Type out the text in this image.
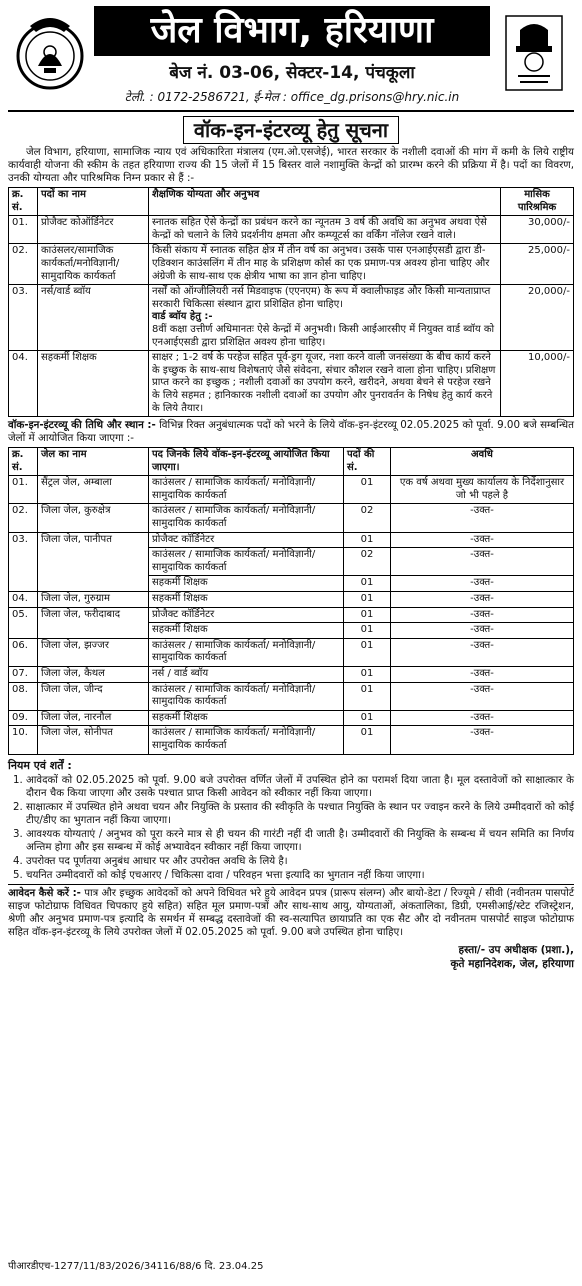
जेल विभाग, हरियाणा
बेज नं. 03-06, सेक्टर-14, पंचकूला
टेली. : 0172-2586721, ई-मेल : office_dg.prisons@hry.nic.in
वॉक-इन-इंटरव्यू हेतु सूचना

जेल विभाग, हरियाणा, सामाजिक न्याय एवं अधिकारिता मंत्रालय (एम.ओ.एसजेई), भारत सरकार के नशीली दवाओं की मांग में कमी के लिये राष्ट्रीय कार्यवाही योजना की स्कीम के तहत हरियाणा राज्य की 15 जेलों में 15 बिस्तर वाले नशामुक्ति केन्द्रों को प्रारम्भ करने की प्रक्रिया में है। पदों का विवरण, उनकी योग्यता और पारिश्रमिक निम्न प्रकार से हैं :-

क्र. सं.	पदों का नाम	शैक्षणिक योग्यता और अनुभव	मासिक पारिश्रमिक
01.	प्रोजैक्ट कोऑर्डिनेटर	स्नातक सहित ऐसे केन्द्रों का प्रबंधन करने का न्यूनतम 3 वर्ष की अवधि का अनुभव अथवा ऐसे केन्द्रों को चलाने के लिये प्रदर्शनीय क्षमता और कम्प्यूटर्स का वर्किंग नॉलेज रखने वाले।	30,000/-
02.	काउंसलर/सामाजिक कार्यकर्ता/मनोविज्ञानी/सामुदायिक कार्यकर्ता	किसी संकाय में स्नातक सहित क्षेत्र में तीन वर्ष का अनुभव। उसके पास एनआईएसडी द्वारा डी-एडिक्शन काउंसलिंग में तीन माह के प्रशिक्षण कोर्स का एक प्रमाण-पत्र अवश्य होना चाहिए और अंग्रेजी के साथ-साथ एक क्षेत्रीय भाषा का ज्ञान होना चाहिए।	25,000/-
03.	नर्स/वार्ड ब्वॉय	नर्सों को ऑग्जीलियरी नर्स मिडवाइफ (एएनएम) के रूप में क्वालीफाइड और किसी मान्यताप्राप्त सरकारी चिकित्सा संस्थान द्वारा प्रशिक्षित होना चाहिए।
वार्ड ब्वॉय हेतु :-
8वीं कक्षा उत्तीर्ण अधिमानतः ऐसे केन्द्रों में अनुभवी। किसी आईआरसीए में नियुक्त वार्ड ब्वॉय को एनआईएसडी द्वारा प्रशिक्षित अवश्य होना चाहिए।	20,000/-
04.	सहकर्मी शिक्षक	साक्षर ; 1-2 वर्ष के परहेज सहित पूर्व-ड्रग यूजर, नशा करने वाली जनसंख्या के बीच कार्य करने के इच्छुक के साथ-साथ विशेषताएं जैसे संवेदना, संचार कौशल रखने वाला होना चाहिए। प्रशिक्षण प्राप्त करने का इच्छुक ; नशीली दवाओं का उपयोग करने, खरीदने, अथवा बेचने से परहेज रखने के लिये सहमत ; हानिकारक नशीली दवाओं का उपयोग और पुनरावर्तन के निषेध हेतु कार्य करने के लिये तैयार।	10,000/-

वॉक-इन-इंटरव्यू की तिथि और स्थान :- विभिन्न रिक्त अनुबंधात्मक पदों को भरने के लिये वॉक-इन-इंटरव्यू 02.05.2025 को पूर्वा. 9.00 बजे सम्बन्धित जेलों में आयोजित किया जाएगा :-

क्र. सं.	जेल का नाम	पद जिनके लिये वॉक-इन-इंटरव्यू आयोजित किया जाएगा।	पदों की सं.	अवधि
01.	सैंट्रल जेल, अम्बाला	काउंसलर / सामाजिक कार्यकर्ता/ मनोविज्ञानी/सामुदायिक कार्यकर्ता	01	एक वर्ष अथवा मुख्य कार्यालय के निर्देशानुसार जो भी पहले है
02.	जिला जेल, कुरुक्षेत्र	काउंसलर / सामाजिक कार्यकर्ता/ मनोविज्ञानी/सामुदायिक कार्यकर्ता	02	-उक्त-
03.	जिला जेल, पानीपत	प्रोजैक्ट कॉर्डिनेटर	01	-उक्त-
		काउंसलर / सामाजिक कार्यकर्ता/ मनोविज्ञानी/सामुदायिक कार्यकर्ता	02	-उक्त-
		सहकर्मी शिक्षक	01	-उक्त-
04.	जिला जेल, गुरुग्राम	सहकर्मी शिक्षक	01	-उक्त-
05.	जिला जेल, फरीदाबाद	प्रोजैक्ट कॉर्डिनेटर	01	-उक्त-
		सहकर्मी शिक्षक	01	-उक्त-
06.	जिला जेल, झज्जर	काउंसलर / सामाजिक कार्यकर्ता/ मनोविज्ञानी/सामुदायिक कार्यकर्ता	01	-उक्त-
07.	जिला जेल, कैथल	नर्स / वार्ड ब्वॉय	01	-उक्त-
08.	जिला जेल, जीन्द	काउंसलर / सामाजिक कार्यकर्ता/ मनोविज्ञानी/सामुदायिक कार्यकर्ता	01	-उक्त-
09.	जिला जेल, नारनौल	सहकर्मी शिक्षक	01	-उक्त-
10.	जिला जेल, सोनीपत	काउंसलर / सामाजिक कार्यकर्ता/ मनोविज्ञानी/सामुदायिक कार्यकर्ता	01	-उक्त-
नियम एवं शर्तें :
1. आवेदकों को 02.05.2025 को पूर्वा. 9.00 बजे उपरोक्त वर्णित जेलों में उपस्थित होने का परामर्श दिया जाता है। मूल दस्तावेजों को साक्षात्कार के दौरान चैक किया जाएगा और उसके पश्चात प्राप्त किसी आवेदन को स्वीकार नहीं किया जाएगा।
2. साक्षात्कार में उपस्थित होने अथवा चयन और नियुक्ति के प्रस्ताव की स्वीकृति के पश्चात नियुक्ति के स्थान पर ज्वाइन करने के लिये उम्मीदवारों को कोई टीए/डीए का भुगतान नहीं किया जाएगा।
3. आवश्यक योग्यताएं / अनुभव को पूरा करने मात्र से ही चयन की गारंटी नहीं दी जाती है। उम्मीदवारों की नियुक्ति के सम्बन्ध में चयन समिति का निर्णय अन्तिम होगा और इस सम्बन्ध में कोई अभ्यावेदन स्वीकार नहीं किया जाएगा।
4. उपरोक्त पद पूर्णतया अनुबंध आधार पर और उपरोक्त अवधि के लिये है।
5. चयनित उम्मीदवारों को कोई एचआरए / चिकित्सा दावा / परिवहन भत्ता इत्यादि का भुगतान नहीं किया जाएगा।

आवेदन कैसे करें :- पात्र और इच्छुक आवेदकों को अपने विधिवत भरे हुये आवेदन प्रपत्र (प्रारूप संलग्न) और बायो-डेटा / रिज्यूमे / सीवी (नवीनतम पासपोर्ट साइज फोटोग्राफ विधिवत चिपकाए हुये सहित) सहित मूल प्रमाण-पत्रों और साथ-साथ आयु, योग्यताओं, अंकतालिका, डिग्री, एमसीआई/स्टेट रजिस्ट्रेशन, श्रेणी और अनुभव प्रमाण-पत्र इत्यादि के समर्थन में सम्बद्ध दस्तावेजों की स्व-सत्यापित छायाप्रति का एक सैट और दो नवीनतम पासपोर्ट साइज फोटोग्राफ सहित वॉक-इन-इंटरव्यू के लिये उपरोक्त जेलों में 02.05.2025 को पूर्वा. 9.00 बजे उपस्थित होना चाहिए।

हस्ता/- उप अधीक्षक (प्रशा.),
कृते महानिदेशक, जेल, हरियाणा
पीआरडीएच-1277/11/83/2026/34116/88/6 दि. 23.04.25
